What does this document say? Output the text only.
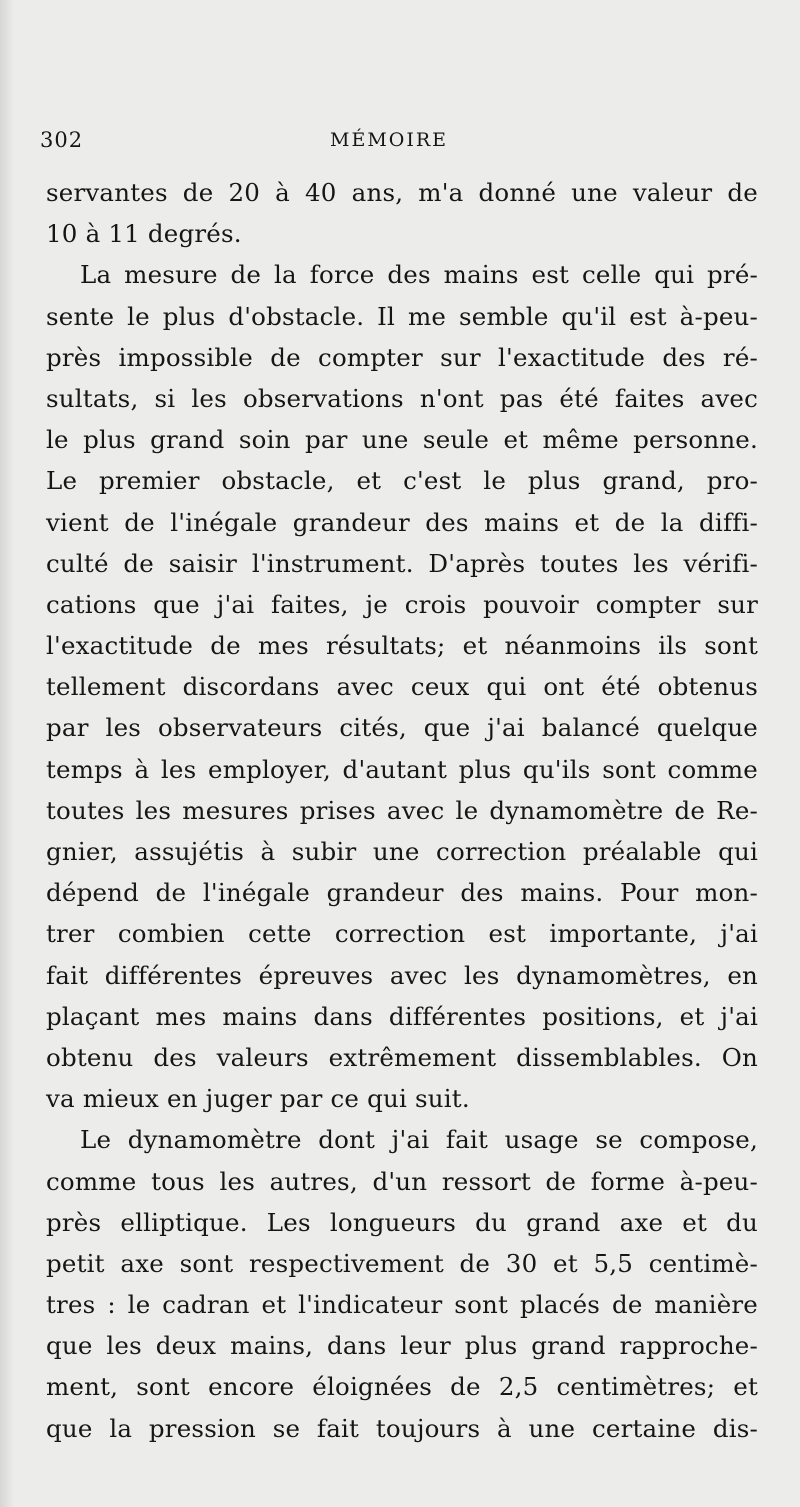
302	MÉMOIRE
servantes de 20 à 40 ans, m'a donné une valeur de
10 à 11 degrés.
La mesure de la force des mains est celle qui pré-
sente le plus d'obstacle. Il me semble qu'il est à-peu-
près impossible de compter sur l'exactitude des ré-
sultats, si les observations n'ont pas été faites avec
le plus grand soin par une seule et même personne.
Le premier obstacle, et c'est le plus grand, pro-
vient de l'inégale grandeur des mains et de la diffi-
culté de saisir l'instrument. D'après toutes les vérifi-
cations que j'ai faites, je crois pouvoir compter sur
l'exactitude de mes résultats; et néanmoins ils sont
tellement discordans avec ceux qui ont été obtenus
par les observateurs cités, que j'ai balancé quelque
temps à les employer, d'autant plus qu'ils sont comme
toutes les mesures prises avec le dynamomètre de Re-
gnier, assujétis à subir une correction préalable qui
dépend de l'inégale grandeur des mains. Pour mon-
trer combien cette correction est importante, j'ai
fait différentes épreuves avec les dynamomètres, en
plaçant mes mains dans différentes positions, et j'ai
obtenu des valeurs extrêmement dissemblables. On
va mieux en juger par ce qui suit.
Le dynamomètre dont j'ai fait usage se compose,
comme tous les autres, d'un ressort de forme à-peu-
près elliptique. Les longueurs du grand axe et du
petit axe sont respectivement de 30 et 5,5 centimè-
tres : le cadran et l'indicateur sont placés de manière
que les deux mains, dans leur plus grand rapproche-
ment, sont encore éloignées de 2,5 centimètres; et
que la pression se fait toujours à une certaine dis-
